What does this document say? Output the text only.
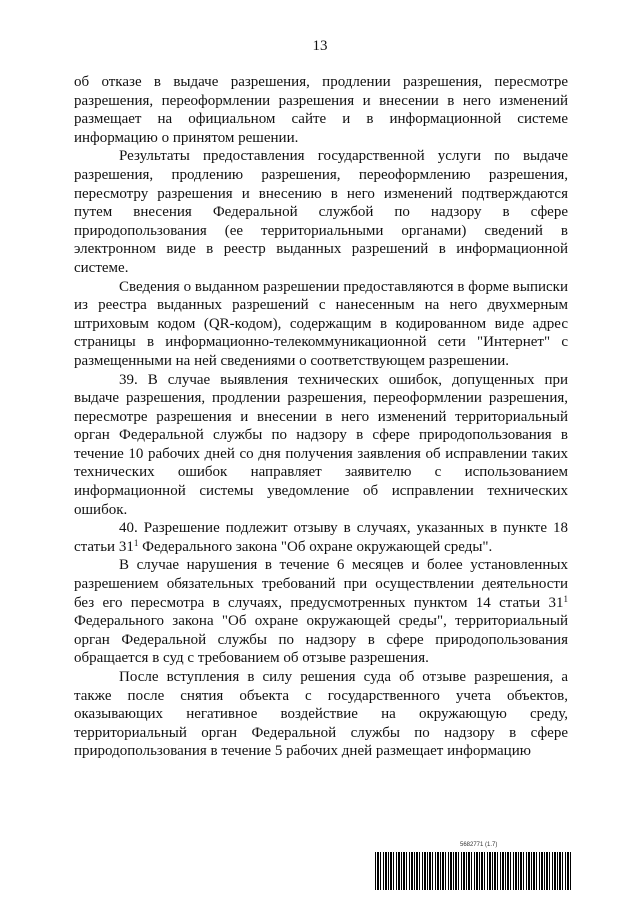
13

об отказе в выдаче разрешения, продлении разрешения, пересмотре разрешения, переоформлении разрешения и внесении в него изменений размещает на официальном сайте и в информационной системе информацию о принятом решении.

Результаты предоставления государственной услуги по выдаче разрешения, продлению разрешения, переоформлению разрешения, пересмотру разрешения и внесению в него изменений подтверждаются путем внесения Федеральной службой по надзору в сфере природопользования (ее территориальными органами) сведений в электронном виде в реестр выданных разрешений в информационной системе.

Сведения о выданном разрешении предоставляются в форме выписки из реестра выданных разрешений с нанесенным на него двухмерным штриховым кодом (QR-кодом), содержащим в кодированном виде адрес страницы в информационно-телекоммуникационной сети "Интернет" с размещенными на ней сведениями о соответствующем разрешении.

39. В случае выявления технических ошибок, допущенных при выдаче разрешения, продлении разрешения, переоформлении разрешения, пересмотре разрешения и внесении в него изменений территориальный орган Федеральной службы по надзору в сфере природопользования в течение 10 рабочих дней со дня получения заявления об исправлении таких технических ошибок направляет заявителю с использованием информационной системы уведомление об исправлении технических ошибок.

40. Разрешение подлежит отзыву в случаях, указанных в пункте 18 статьи $31^1$ Федерального закона "Об охране окружающей среды".

В случае нарушения в течение 6 месяцев и более установленных разрешением обязательных требований при осуществлении деятельности без его пересмотра в случаях, предусмотренных пунктом 14 статьи $31^1$ Федерального закона "Об охране окружающей среды", территориальный орган Федеральной службы по надзору в сфере природопользования обращается в суд с требованием об отзыве разрешения.

После вступления в силу решения суда об отзыве разрешения, а также после снятия объекта с государственного учета объектов, оказывающих негативное воздействие на окружающую среду, территориальный орган Федеральной службы по надзору в сфере природопользования в течение 5 рабочих дней размещает информацию

5682771 (1.7)
